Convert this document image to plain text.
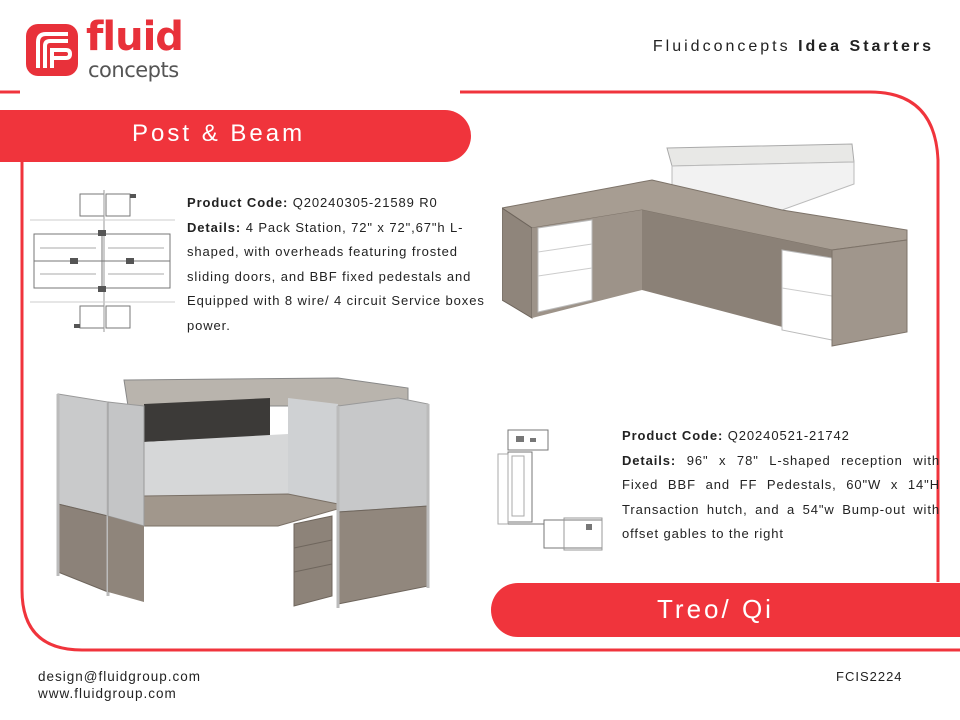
fluid
concepts
Fluidconcepts Idea Starters
Post & Beam
Treo/ Qi
Product Code: Q20240305-21589 R0
Details: 4 Pack Station, 72" x 72",67"h L-shaped, with overheads featuring frosted sliding doors, and BBF fixed pedestals and Equipped with 8 wire/ 4 circuit Service boxes power.
Product Code: Q20240521-21742
Details: 96" x 78" L-shaped reception with Fixed BBF and FF Pedestals, 60"W x 14"H Transaction hutch, and a 54"w Bump-out with offset gables to the right
design@fluidgroup.com
www.fluidgroup.com
FCIS2224
